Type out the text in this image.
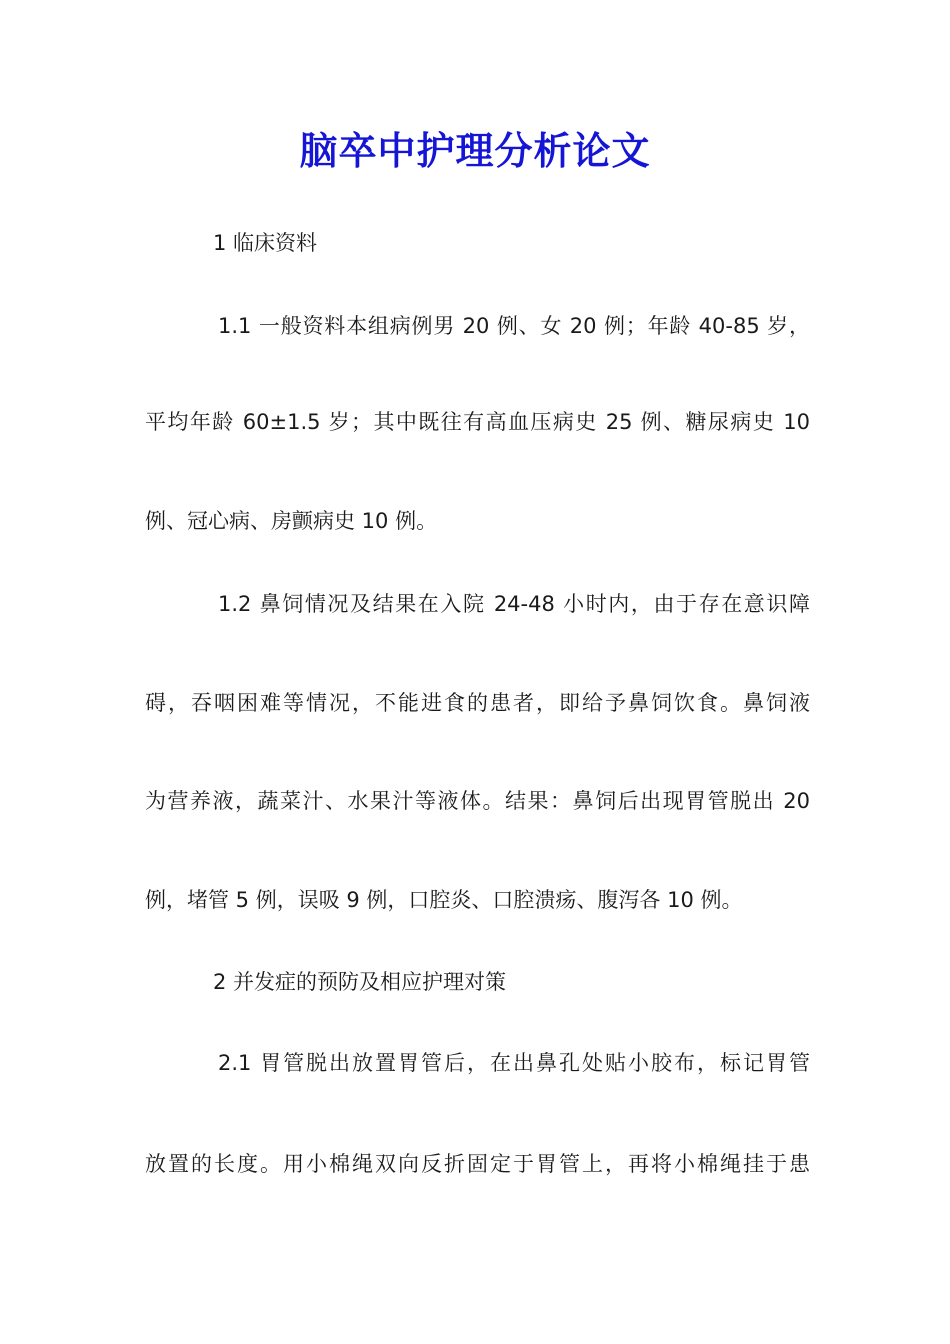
脑卒中护理分析论文

1 临床资料

1.1 一般资料本组病例男 20 例、女 20 例；年龄 40-85 岁，

平均年龄 60±1.5 岁；其中既往有高血压病史 25 例、糖尿病史 10

例、冠心病、房颤病史 10 例。

1.2 鼻饲情况及结果在入院 24-48 小时内，由于存在意识障

碍，吞咽困难等情况，不能进食的患者，即给予鼻饲饮食。鼻饲液

为营养液，蔬菜汁、水果汁等液体。结果：鼻饲后出现胃管脱出 20

例，堵管 5 例，误吸 9 例，口腔炎、口腔溃疡、腹泻各 10 例。

2 并发症的预防及相应护理对策

2.1 胃管脱出放置胃管后，在出鼻孔处贴小胶布，标记胃管

放置的长度。用小棉绳双向反折固定于胃管上，再将小棉绳挂于患
